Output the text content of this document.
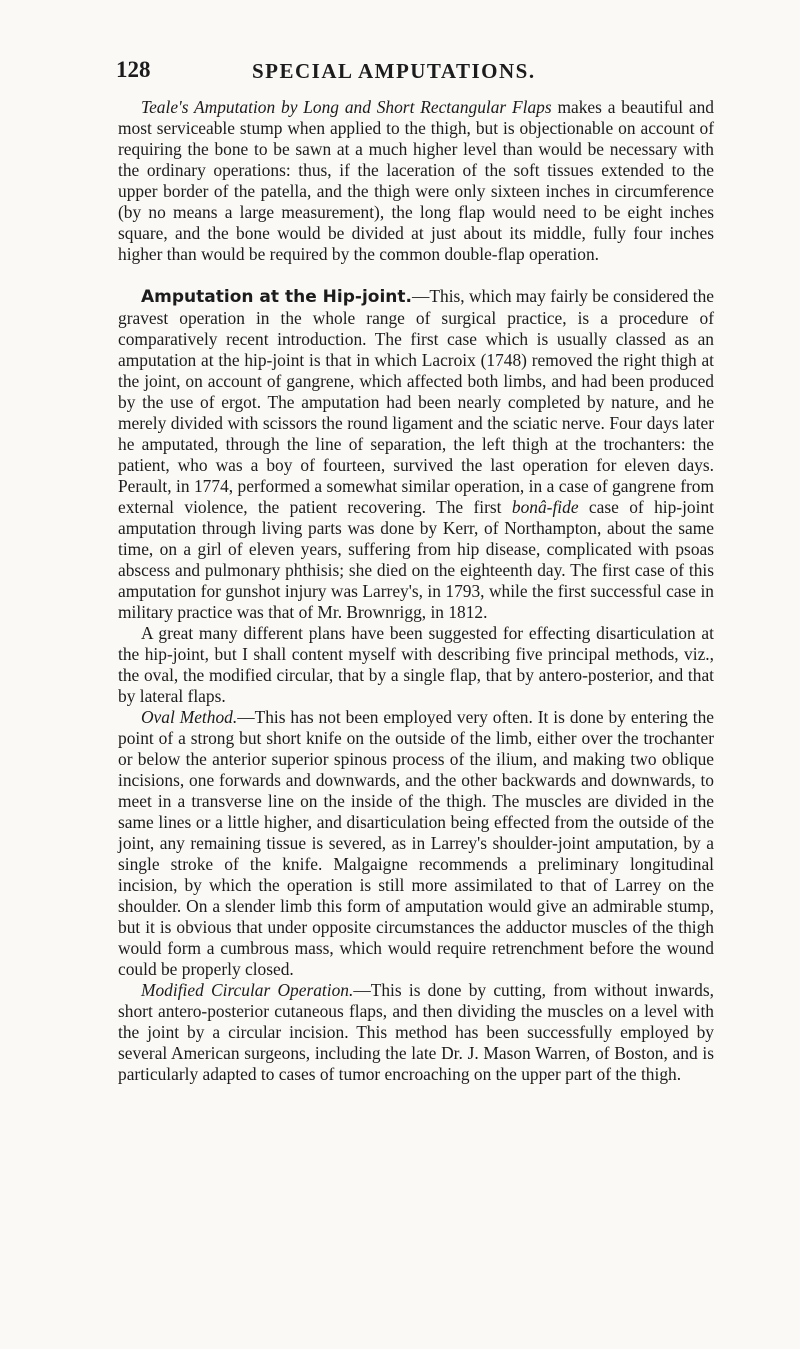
128	SPECIAL AMPUTATIONS.

Teale's Amputation by Long and Short Rectangular Flaps makes a beautiful and most serviceable stump when applied to the thigh, but is objectionable on account of requiring the bone to be sawn at a much higher level than would be necessary with the ordinary operations: thus, if the laceration of the soft tissues extended to the upper border of the patella, and the thigh were only sixteen inches in circumference (by no means a large measurement), the long flap would need to be eight inches square, and the bone would be divided at just about its middle, fully four inches higher than would be required by the common double-flap operation.

Amputation at the Hip-joint.—This, which may fairly be considered the gravest operation in the whole range of surgical practice, is a procedure of comparatively recent introduction. The first case which is usually classed as an amputation at the hip-joint is that in which Lacroix (1748) removed the right thigh at the joint, on account of gangrene, which affected both limbs, and had been produced by the use of ergot. The amputation had been nearly completed by nature, and he merely divided with scissors the round ligament and the sciatic nerve. Four days later he amputated, through the line of separation, the left thigh at the trochanters: the patient, who was a boy of fourteen, survived the last operation for eleven days. Perault, in 1774, performed a somewhat similar operation, in a case of gangrene from external violence, the patient recovering. The first bonâ-fide case of hip-joint amputation through living parts was done by Kerr, of Northampton, about the same time, on a girl of eleven years, suffering from hip disease, complicated with psoas abscess and pulmonary phthisis; she died on the eighteenth day. The first case of this amputation for gunshot injury was Larrey's, in 1793, while the first successful case in military practice was that of Mr. Brownrigg, in 1812.

A great many different plans have been suggested for effecting disarticulation at the hip-joint, but I shall content myself with describing five principal methods, viz., the oval, the modified circular, that by a single flap, that by antero-posterior, and that by lateral flaps.

Oval Method.—This has not been employed very often. It is done by entering the point of a strong but short knife on the outside of the limb, either over the trochanter or below the anterior superior spinous process of the ilium, and making two oblique incisions, one forwards and downwards, and the other backwards and downwards, to meet in a transverse line on the inside of the thigh. The muscles are divided in the same lines or a little higher, and disarticulation being effected from the outside of the joint, any remaining tissue is severed, as in Larrey's shoulder-joint amputation, by a single stroke of the knife. Malgaigne recommends a preliminary longitudinal incision, by which the operation is still more assimilated to that of Larrey on the shoulder. On a slender limb this form of amputation would give an admirable stump, but it is obvious that under opposite circumstances the adductor muscles of the thigh would form a cumbrous mass, which would require retrenchment before the wound could be properly closed.

Modified Circular Operation.—This is done by cutting, from without inwards, short antero-posterior cutaneous flaps, and then dividing the muscles on a level with the joint by a circular incision. This method has been successfully employed by several American surgeons, including the late Dr. J. Mason Warren, of Boston, and is particularly adapted to cases of tumor encroaching on the upper part of the thigh.
